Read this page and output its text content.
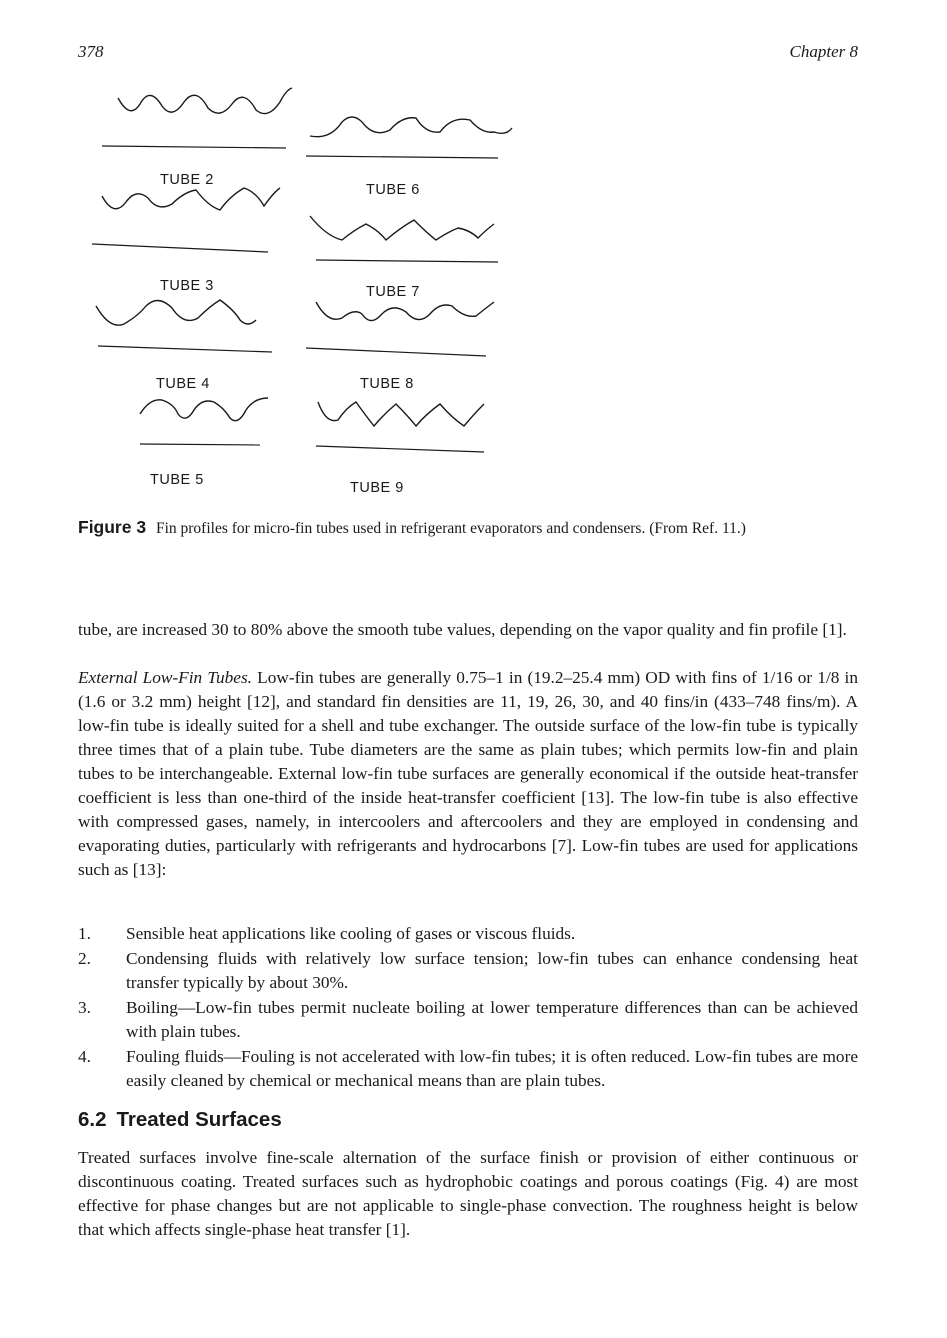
378	Chapter 8
TUBE 2
TUBE 3
TUBE 4
TUBE 5
TUBE 6
TUBE 7
TUBE 8
TUBE 9
Figure 3 Fin profiles for micro-fin tubes used in refrigerant evaporators and condensers. (From Ref. 11.)

tube, are increased 30 to 80% above the smooth tube values, depending on the vapor quality and fin profile [1].

External Low-Fin Tubes. Low-fin tubes are generally 0.75–1 in (19.2–25.4 mm) OD with fins of 1/16 or 1/8 in (1.6 or 3.2 mm) height [12], and standard fin densities are 11, 19, 26, 30, and 40 fins/in (433–748 fins/m). A low-fin tube is ideally suited for a shell and tube exchanger. The outside surface of the low-fin tube is typically three times that of a plain tube. Tube diameters are the same as plain tubes; which permits low-fin and plain tubes to be interchangeable. External low-fin tube surfaces are generally economical if the outside heat-transfer coefficient is less than one-third of the inside heat-transfer coefficient [13]. The low-fin tube is also effective with compressed gases, namely, in intercoolers and aftercoolers and they are employed in condensing and evaporating duties, particularly with refrigerants and hydrocarbons [7]. Low-fin tubes are used for applications such as [13]:

1.	Sensible heat applications like cooling of gases or viscous fluids.
2.	Condensing fluids with relatively low surface tension; low-fin tubes can enhance condensing heat transfer typically by about 30%.
3.	Boiling—Low-fin tubes permit nucleate boiling at lower temperature differences than can be achieved with plain tubes.
4.	Fouling fluids—Fouling is not accelerated with low-fin tubes; it is often reduced. Low-fin tubes are more easily cleaned by chemical or mechanical means than are plain tubes.
6.2 Treated Surfaces

Treated surfaces involve fine-scale alternation of the surface finish or provision of either continuous or discontinuous coating. Treated surfaces such as hydrophobic coatings and porous coatings (Fig. 4) are most effective for phase changes but are not applicable to single-phase convection. The roughness height is below that which affects single-phase heat transfer [1].
